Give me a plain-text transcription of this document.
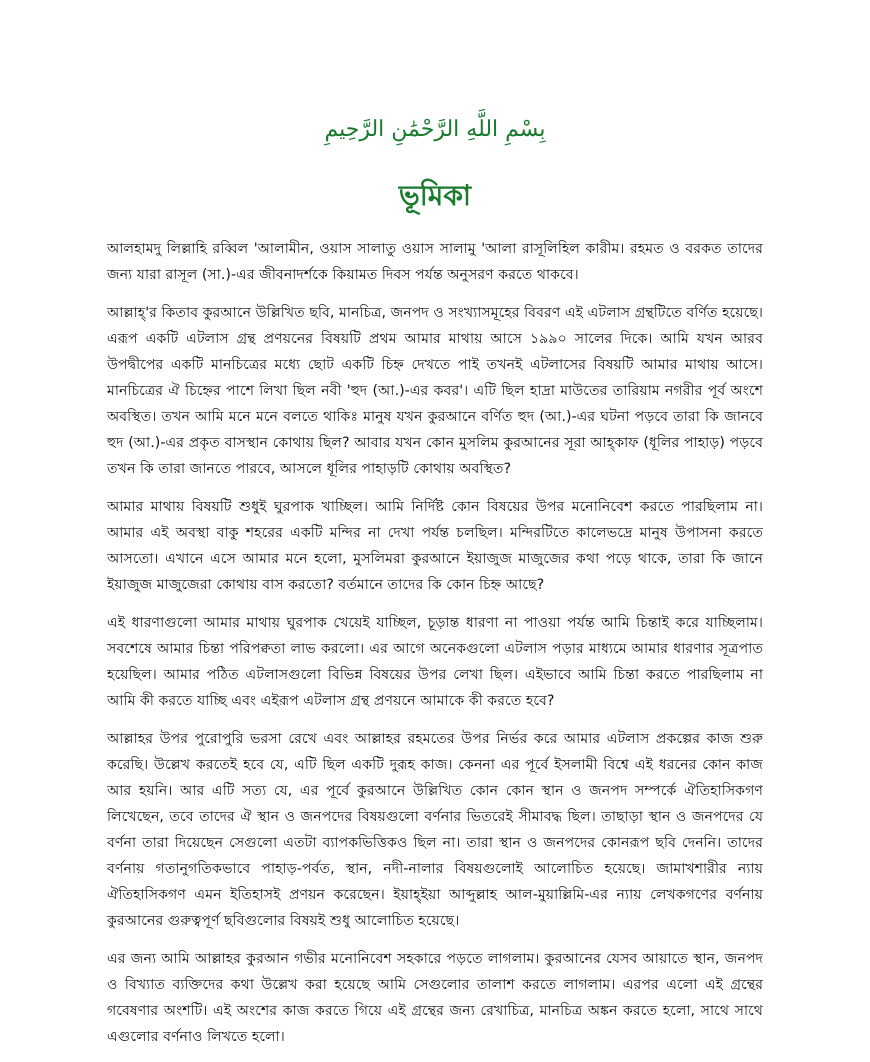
بِسْمِ اللَّهِ الرَّحْمَٰنِ الرَّحِيمِ
ভূমিকা

আলহামদু লিল্লাহি রব্বিল 'আলামীন, ওয়াস সালাতু ওয়াস সালামু 'আলা রাসূলিহিল কারীম। রহমত ও বরকত তাদের জন্য যারা রাসূল (সা.)-এর জীবনাদর্শকে কিয়ামত দিবস পর্যন্ত অনুসরণ করতে থাকবে।

আল্লাহ্'র কিতাব কুরআনে উল্লিখিত ছবি, মানচিত্র, জনপদ ও সংখ্যাসমূহের বিবরণ এই এটলাস গ্রন্থটিতে বর্ণিত হয়েছে। এরূপ একটি এটলাস গ্রন্থ প্রণয়নের বিষয়টি প্রথম আমার মাথায় আসে ১৯৯০ সালের দিকে। আমি যখন আরব উপদ্বীপের একটি মানচিত্রের মধ্যে ছোট একটি চিহ্ন দেখতে পাই তখনই এটলাসের বিষয়টি আমার মাথায় আসে। মানচিত্রের ঐ চিহ্নের পাশে লিখা ছিল নবী 'হুদ (আ.)-এর কবর'। এটি ছিল হাদ্রা মাউতের তারিয়াম নগরীর পূর্ব অংশে অবস্থিত। তখন আমি মনে মনে বলতে থাকিঃ মানুষ যখন কুরআনে বর্ণিত হুদ (আ.)-এর ঘটনা পড়বে তারা কি জানবে হুদ (আ.)-এর প্রকৃত বাসস্থান কোথায় ছিল? আবার যখন কোন মুসলিম কুরআনের সূরা আহ্কাফ (ধূলির পাহাড়) পড়বে তখন কি তারা জানতে পারবে, আসলে ধূলির পাহাড়টি কোথায় অবস্থিত?

আমার মাথায় বিষয়টি শুধুই ঘুরপাক খাচ্ছিল। আমি নির্দিষ্ট কোন বিষয়ের উপর মনোনিবেশ করতে পারছিলাম না। আমার এই অবস্থা বাকু শহরের একটি মন্দির না দেখা পর্যন্ত চলছিল। মন্দিরটিতে কালেভদ্রে মানুষ উপাসনা করতে আসতো। এখানে এসে আমার মনে হলো, মুসলিমরা কুরআনে ইয়াজুজ মাজুজের কথা পড়ে থাকে, তারা কি জানে ইয়াজুজ মাজুজেরা কোথায় বাস করতো? বর্তমানে তাদের কি কোন চিহ্ন আছে?

এই ধারণাগুলো আমার মাথায় ঘুরপাক খেয়েই যাচ্ছিল, চূড়ান্ত ধারণা না পাওয়া পর্যন্ত আমি চিন্তাই করে যাচ্ছিলাম। সবশেষে আমার চিন্তা পরিপক্বতা লাভ করলো। এর আগে অনেকগুলো এটলাস পড়ার মাধ্যমে আমার ধারণার সূত্রপাত হয়েছিল। আমার পঠিত এটলাসগুলো বিভিন্ন বিষয়ের উপর লেখা ছিল। এইভাবে আমি চিন্তা করতে পারছিলাম না আমি কী করতে যাচ্ছি এবং এইরূপ এটলাস গ্রন্থ প্রণয়নে আমাকে কী করতে হবে?

আল্লাহর উপর পুরোপুরি ভরসা রেখে এবং আল্লাহর রহমতের উপর নির্ভর করে আমার এটলাস প্রকল্পের কাজ শুরু করেছি। উল্লেখ করতেই হবে যে, এটি ছিল একটি দুরূহ কাজ। কেননা এর পূর্বে ইসলামী বিশ্বে এই ধরনের কোন কাজ আর হয়নি। আর এটি সত্য যে, এর পূর্বে কুরআনে উল্লিখিত কোন কোন স্থান ও জনপদ সম্পর্কে ঐতিহাসিকগণ লিখেছেন, তবে তাদের ঐ স্থান ও জনপদের বিষয়গুলো বর্ণনার ভিতরেই সীমাবদ্ধ ছিল। তাছাড়া স্থান ও জনপদের যে বর্ণনা তারা দিয়েছেন সেগুলো এতটা ব্যাপকভিত্তিকও ছিল না। তারা স্থান ও জনপদের কোনরূপ ছবি দেননি। তাদের বর্ণনায় গতানুগতিকভাবে পাহাড়-পর্বত, স্থান, নদী-নালার বিষয়গুলোই আলোচিত হয়েছে। জামাখশারীর ন্যায় ঐতিহাসিকগণ এমন ইতিহাসই প্রণয়ন করেছেন। ইয়াহ্ইয়া আব্দুল্লাহ আল-মুয়াল্লিমি-এর ন্যায় লেখকগণের বর্ণনায় কুরআনের গুরুত্বপূর্ণ ছবিগুলোর বিষয়ই শুধু আলোচিত হয়েছে।

এর জন্য আমি আল্লাহর কুরআন গভীর মনোনিবেশ সহকারে পড়তে লাগলাম। কুরআনের যেসব আয়াতে স্থান, জনপদ ও বিখ্যাত ব্যক্তিদের কথা উল্লেখ করা হয়েছে আমি সেগুলোর তালাশ করতে লাগলাম। এরপর এলো এই গ্রন্থের গবেষণার অংশটি। এই অংশের কাজ করতে গিয়ে এই গ্রন্থের জন্য রেখাচিত্র, মানচিত্র অঙ্কন করতে হলো, সাথে সাথে এগুলোর বর্ণনাও লিখতে হলো।
